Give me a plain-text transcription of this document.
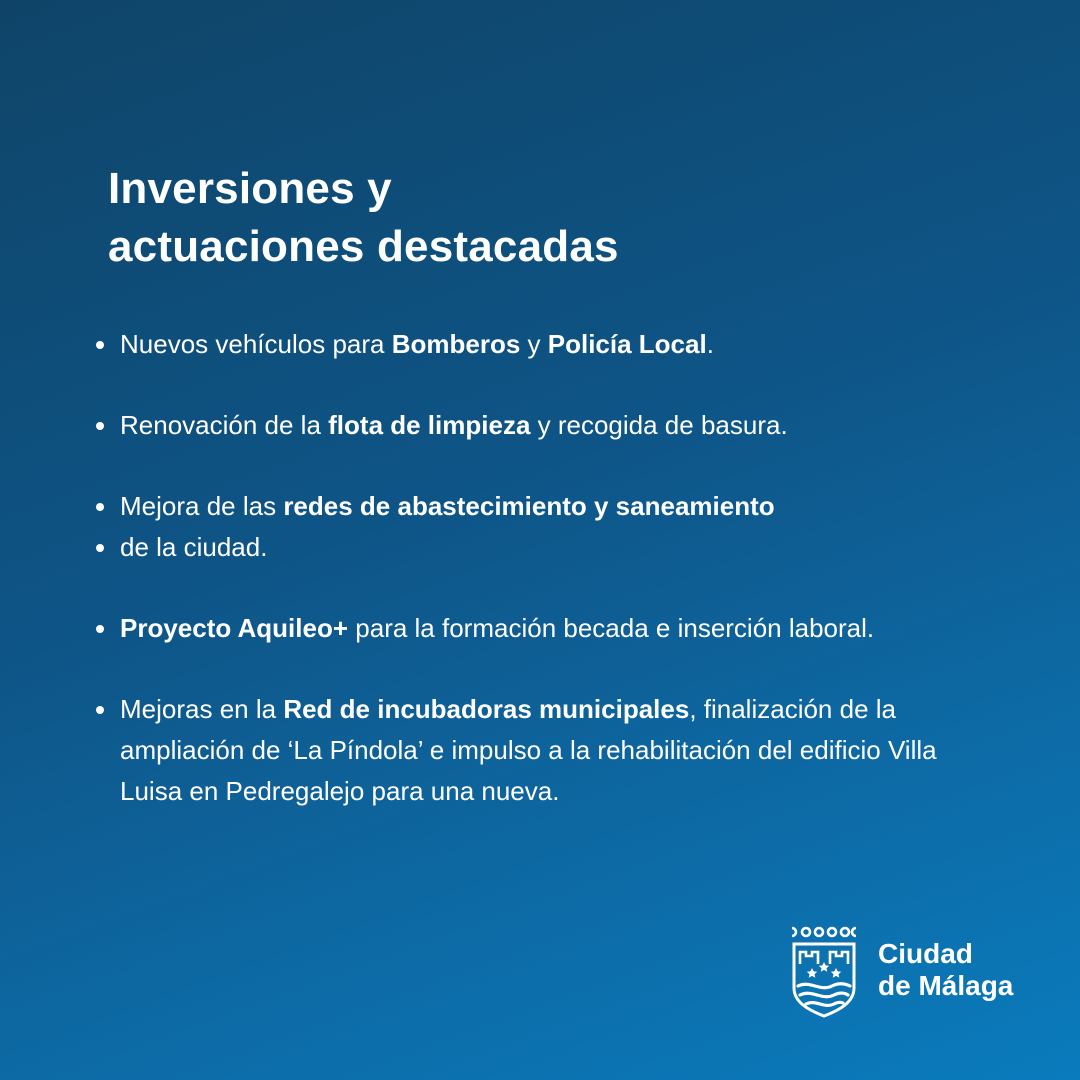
Inversiones y
actuaciones destacadas
Nuevos vehículos para Bomberos y Policía Local.
Renovación de la flota de limpieza y recogida de basura.
Mejora de las redes de abastecimiento y saneamiento
de la ciudad.
Proyecto Aquileo+ para la formación becada e inserción laboral.
Mejoras en la Red de incubadoras municipales, finalización de la ampliación de ‘La Píndola’ e impulso a la rehabilitación del edificio Villa Luisa en Pedregalejo para una nueva.
Ciudad
de Málaga
